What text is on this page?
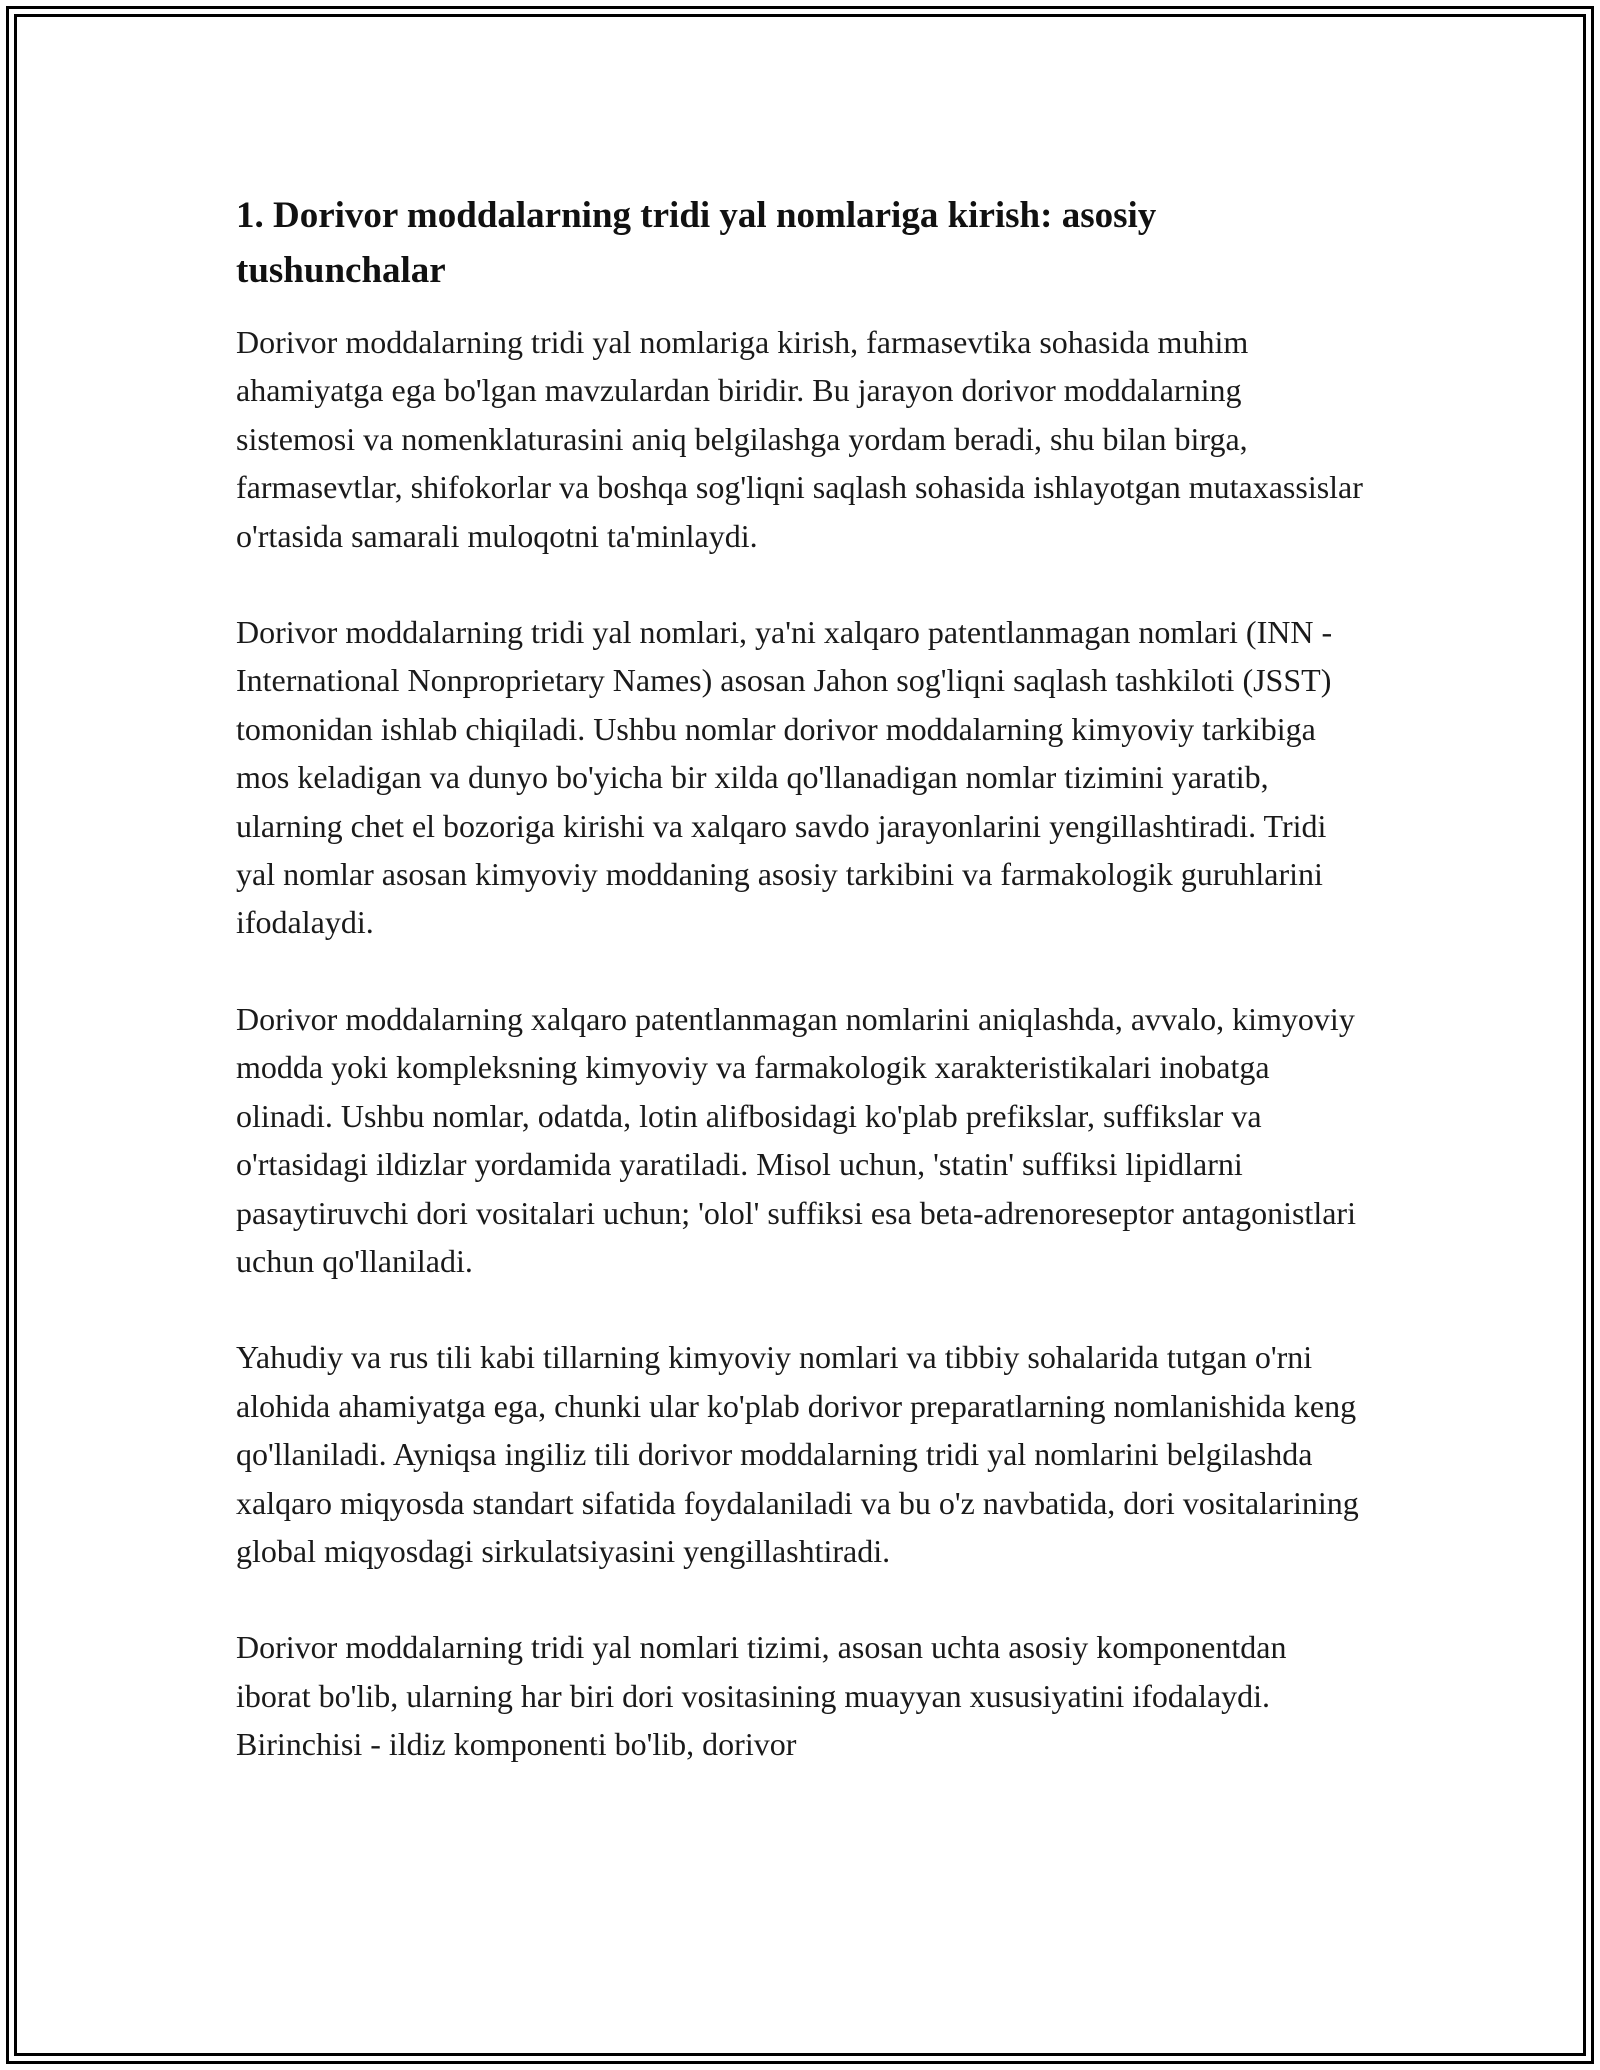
1. Dorivor moddalarning tridi yal nomlariga kirish: asosiy tushunchalar

Dorivor moddalarning tridi yal nomlariga kirish, farmasevtika sohasida muhim ahamiyatga ega bo'lgan mavzulardan biridir. Bu jarayon dorivor moddalarning sistemosi va nomenklaturasini aniq belgilashga yordam beradi, shu bilan birga, farmasevtlar, shifokorlar va boshqa sog'liqni saqlash sohasida ishlayotgan mutaxassislar o'rtasida samarali muloqotni ta'minlaydi.

Dorivor moddalarning tridi yal nomlari, ya'ni xalqaro patentlanmagan nomlari (INN - International Nonproprietary Names) asosan Jahon sog'liqni saqlash tashkiloti (JSST) tomonidan ishlab chiqiladi. Ushbu nomlar dorivor moddalarning kimyoviy tarkibiga mos keladigan va dunyo bo'yicha bir xilda qo'llanadigan nomlar tizimini yaratib, ularning chet el bozoriga kirishi va xalqaro savdo jarayonlarini yengillashtiradi. Tridi yal nomlar asosan kimyoviy moddaning asosiy tarkibini va farmakologik guruhlarini ifodalaydi.

Dorivor moddalarning xalqaro patentlanmagan nomlarini aniqlashda, avvalo, kimyoviy modda yoki kompleksning kimyoviy va farmakologik xarakteristikalari inobatga olinadi. Ushbu nomlar, odatda, lotin alifbosidagi ko'plab prefikslar, suffikslar va o'rtasidagi ildizlar yordamida yaratiladi. Misol uchun, 'statin' suffiksi lipidlarni pasaytiruvchi dori vositalari uchun; 'olol' suffiksi esa beta-adrenoreseptor antagonistlari uchun qo'llaniladi.

Yahudiy va rus tili kabi tillarning kimyoviy nomlari va tibbiy sohalarida tutgan o'rni alohida ahamiyatga ega, chunki ular ko'plab dorivor preparatlarning nomlanishida keng qo'llaniladi. Ayniqsa ingiliz tili dorivor moddalarning tridi yal nomlarini belgilashda xalqaro miqyosda standart sifatida foydalaniladi va bu o'z navbatida, dori vositalarining global miqyosdagi sirkulatsiyasini yengillashtiradi.

Dorivor moddalarning tridi yal nomlari tizimi, asosan uchta asosiy komponentdan iborat bo'lib, ularning har biri dori vositasining muayyan xususiyatini ifodalaydi. Birinchisi - ildiz komponenti bo'lib, dorivor
